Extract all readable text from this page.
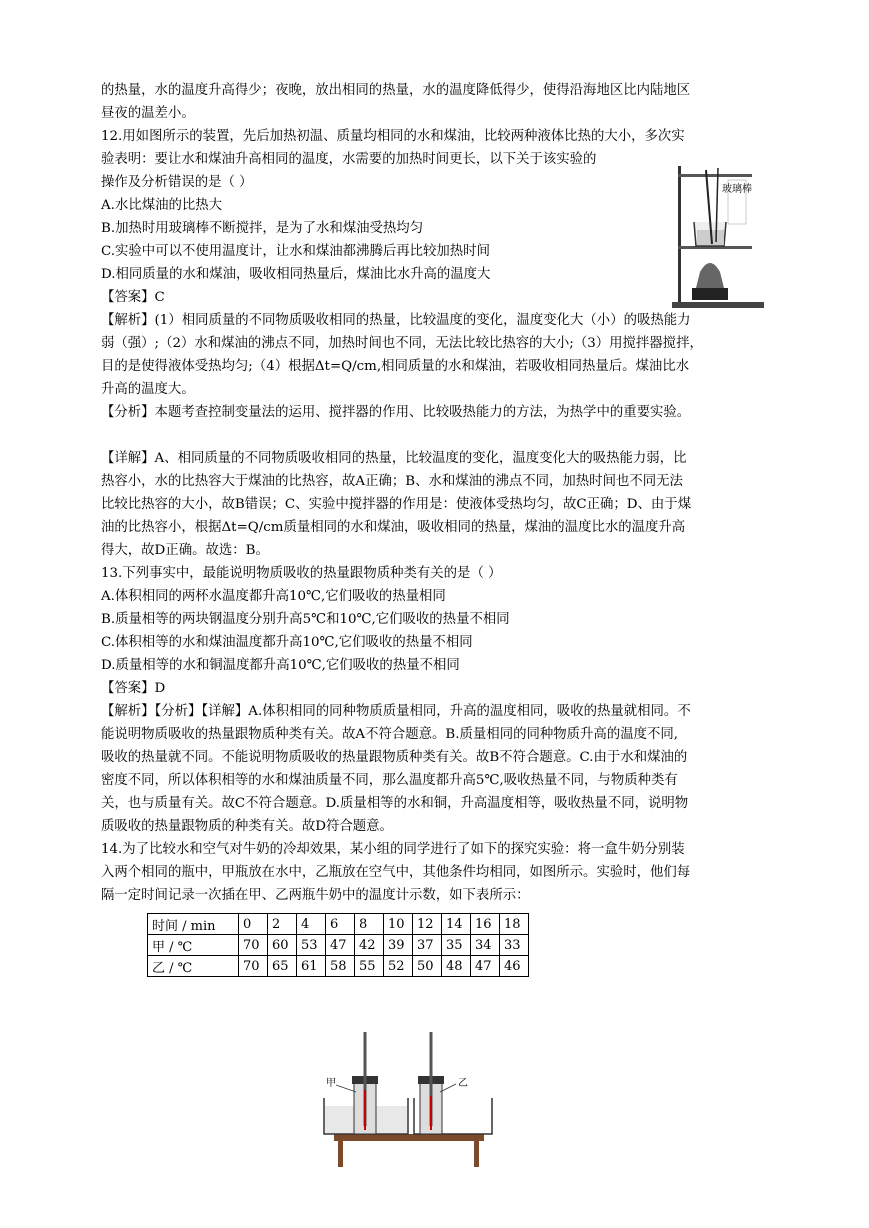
的热量，水的温度升高得少；夜晚，放出相同的热量，水的温度降低得少，使得沿海地区比内陆地区
昼夜的温差小。
12.用如图所示的装置，先后加热初温、质量均相同的水和煤油，比较两种液体比热的大小，多次实
验表明：要让水和煤油升高相同的温度，水需要的加热时间更长，以下关于该实验的
操作及分析错误的是（ ）
A.水比煤油的比热大
B.加热时用玻璃棒不断搅拌，是为了水和煤油受热均匀
C.实验中可以不使用温度计，让水和煤油都沸腾后再比较加热时间
D.相同质量的水和煤油，吸收相同热量后，煤油比水升高的温度大
【答案】C
【解析】(1）相同质量的不同物质吸收相同的热量，比较温度的变化，温度变化大（小）的吸热能力
弱（强）;（2）水和煤油的沸点不同，加热时间也不同，无法比较比热容的大小;（3）用搅拌器搅拌，
目的是使得液体受热均匀;（4）根据Δt=Q/cm,相同质量的水和煤油，若吸收相同热量后。煤油比水
升高的温度大。
【分析】本题考查控制变量法的运用、搅拌器的作用、比较吸热能力的方法，为热学中的重要实验。
【详解】A、相同质量的不同物质吸收相同的热量，比较温度的变化，温度变化大的吸热能力弱，比
热容小，水的比热容大于煤油的比热容，故A正确；B、水和煤油的沸点不同，加热时间也不同无法
比较比热容的大小，故B错误；C、实验中搅拌器的作用是：使液体受热均匀，故C正确；D、由于煤
油的比热容小，根据Δt=Q/cm质量相同的水和煤油，吸收相同的热量，煤油的温度比水的温度升高
得大，故D正确。故选：B。
13.下列事实中，最能说明物质吸收的热量跟物质种类有关的是（ ）
A.体积相同的两杯水温度都升高10℃,它们吸收的热量相同
B.质量相等的两块钢温度分别升高5℃和10℃,它们吸收的热量不相同
C.体积相等的水和煤油温度都升高10℃,它们吸收的热量不相同
D.质量相等的水和铜温度都升高10℃,它们吸收的热量不相同
【答案】D
【解析】【分析】【详解】A.体积相同的同种物质质量相同，升高的温度相同，吸收的热量就相同。不
能说明物质吸收的热量跟物质种类有关。故A不符合题意。B.质量相同的同种物质升高的温度不同,
吸收的热量就不同。不能说明物质吸收的热量跟物质种类有关。故B不符合题意。C.由于水和煤油的
密度不同，所以体积相等的水和煤油质量不同，那么温度都升高5℃,吸收热量不同，与物质种类有
关，也与质量有关。故C不符合题意。D.质量相等的水和铜，升高温度相等，吸收热量不同，说明物
质吸收的热量跟物质的种类有关。故D符合题意。
14.为了比较水和空气对牛奶的冷却效果，某小组的同学进行了如下的探究实验：将一盒牛奶分别装
入两个相同的瓶中，甲瓶放在水中，乙瓶放在空气中，其他条件均相同，如图所示。实验时，他们每
隔一定时间记录一次插在甲、乙两瓶牛奶中的温度计示数，如下表所示：
玻璃棒
时间 / min	0	2	4	6	8	10	12	14	16	18
甲 / ℃	70	60	53	47	42	39	37	35	34	33
乙 / ℃	70	65	61	58	55	52	50	48	47	46
甲	乙
